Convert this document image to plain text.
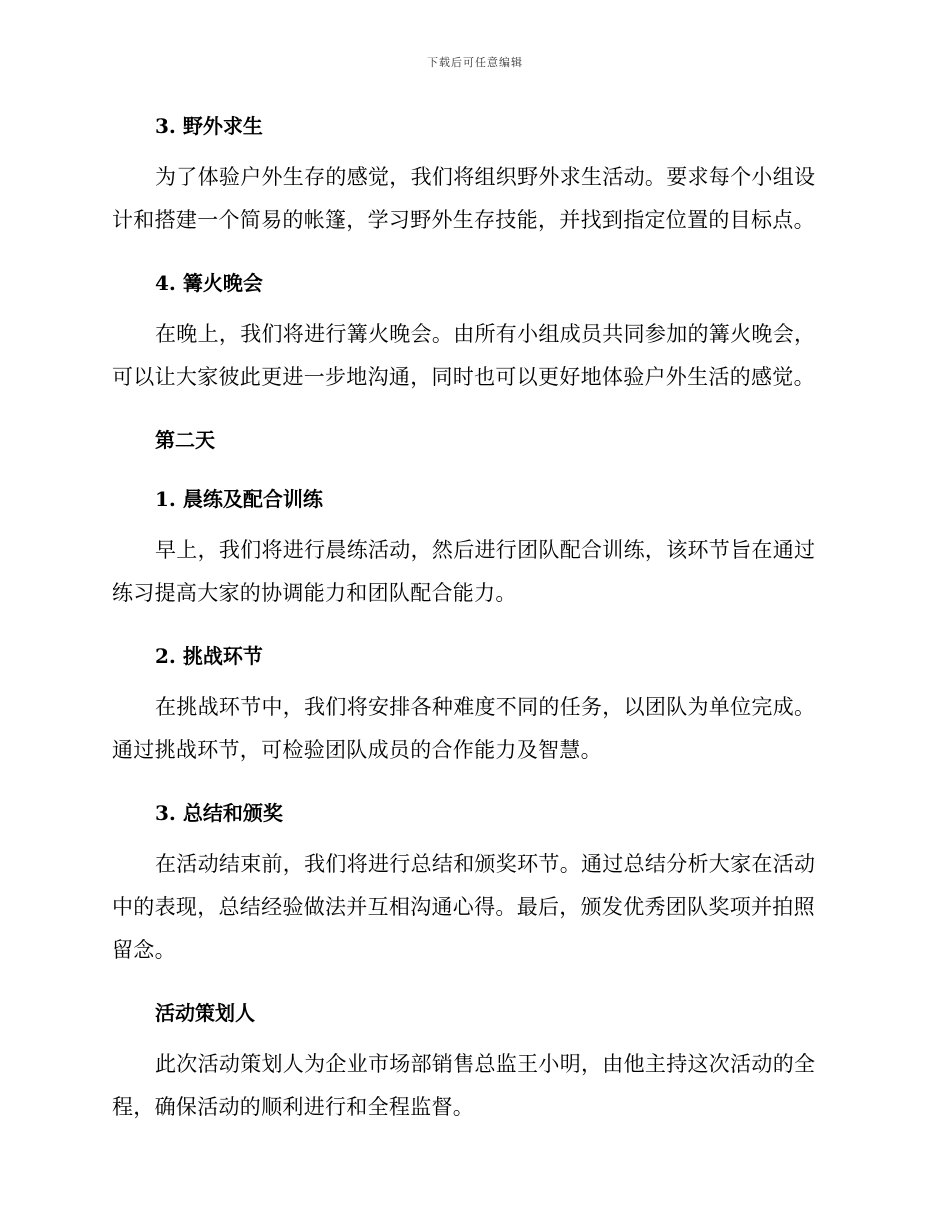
下载后可任意编辑
3. 野外求生

为了体验户外生存的感觉，我们将组织野外求生活动。要求每个小组设计和搭建一个简易的帐篷，学习野外生存技能，并找到指定位置的目标点。

4. 篝火晚会

在晚上，我们将进行篝火晚会。由所有小组成员共同参加的篝火晚会，可以让大家彼此更进一步地沟通，同时也可以更好地体验户外生活的感觉。

第二天
1. 晨练及配合训练

早上，我们将进行晨练活动，然后进行团队配合训练，该环节旨在通过练习提高大家的协调能力和团队配合能力。

2. 挑战环节

在挑战环节中，我们将安排各种难度不同的任务，以团队为单位完成。通过挑战环节，可检验团队成员的合作能力及智慧。

3. 总结和颁奖

在活动结束前，我们将进行总结和颁奖环节。通过总结分析大家在活动中的表现，总结经验做法并互相沟通心得。最后，颁发优秀团队奖项并拍照留念。

活动策划人

此次活动策划人为企业市场部销售总监王小明，由他主持这次活动的全程，确保活动的顺利进行和全程监督。
